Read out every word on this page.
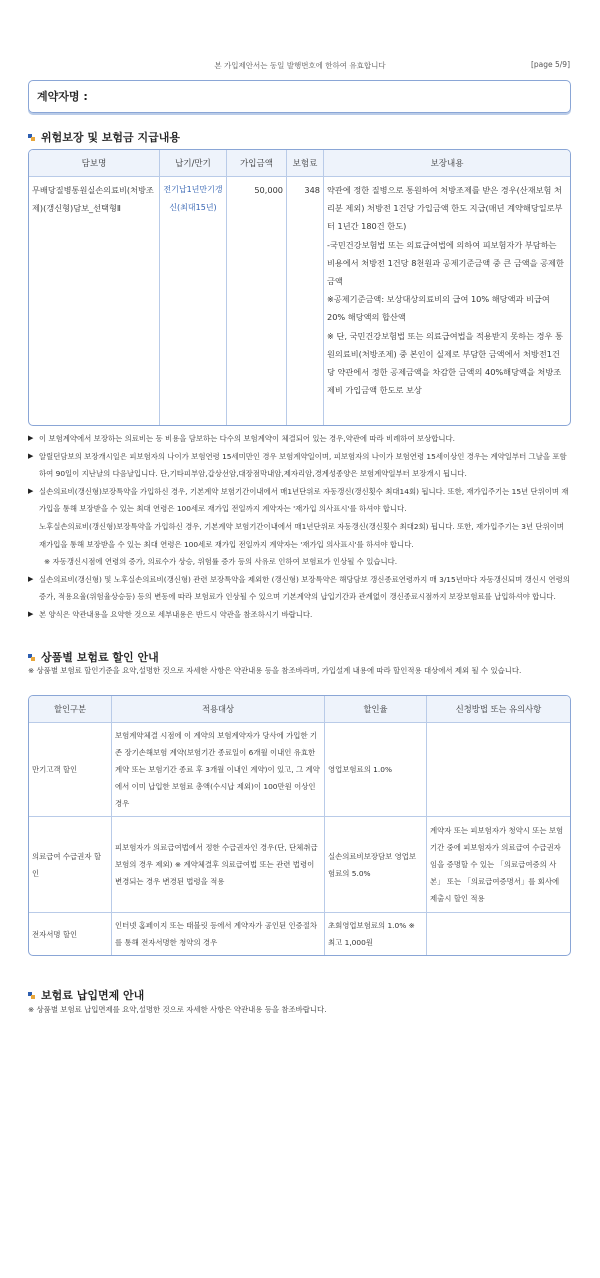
본 가입제안서는 동일 발행번호에 한하여 유효합니다	[page 5/9]
계약자명 :
위험보장 및 보험금 지급내용
담보명	납기/만기	가입금액	보험료	보장내용
무배당질병통원실손의료비(처방조제)(갱신형)담보_선택형Ⅱ	전기납1년만기갱신(최대15년)	50,000	348	약관에 정한 질병으로 통원하여 처방조제를 받은 경우(산재보험 처리분 제외) 처방전 1건당 가입금액 한도 지급(매년 계약해당일로부터 1년간 180건 한도)
-국민건강보험법 또는 의료급여법에 의하여 피보험자가 부담하는 비용에서 처방전 1건당 8천원과 공제기준금액 중 큰 금액을 공제한 금액
※공제기준금액: 보상대상의료비의 급여 10% 해당액과 비급여 20% 해당액의 합산액
※ 단, 국민건강보험법 또는 의료급여법을 적용받지 못하는 경우 통원의료비(처방조제) 중 본인이 실제로 부담한 금액에서 처방전1건당 약관에서 정한 공제금액을 차감한 금액의 40%해당액을 처방조제비 가입금액 한도로 보상
▶ 이 보험계약에서 보장하는 의료비는 동 비용을 담보하는 다수의 보험계약이 체결되어 있는 경우,약관에 따라 비례하여 보상합니다.
▶ 알릴던담보의 보장개시일은 피보험자의 나이가 보험연령 15세미만인 경우 보험계약일이며, 피보험자의 나이가 보험연령 15세이상인 경우는 계약일부터 그날을 포함하여 90일이 지난날의 다음날입니다. 단,기타피부암,갑상선암,대장점막내암,제자리암,경계성종양은 보험계약일부터 보장개시 됩니다.
▶ 실손의료비(갱신형)보장특약을 가입하신 경우, 기본계약 보험기간이내에서 매1년단위로 자동갱신(갱신횟수 최대14회) 됩니다. 또한, 재가입주기는 15년 단위이며 재가입을 통해 보장받을 수 있는 최대 연령은 100세로 재가입 전일까지 계약자는 '재가입 의사표시'를 하셔야 합니다.
노후실손의료비(갱신형)보장특약을 가입하신 경우, 기본계약 보험기간이내에서 매1년단위로 자동갱신(갱신횟수 최대2회) 됩니다. 또한, 재가입주기는 3년 단위이며 재가입을 통해 보장받을 수 있는 최대 연령은 100세로 재가입 전일까지 계약자는 '재가입 의사표시'를 하셔야 합니다.
※ 자동갱신시점에 연령의 증가, 의료수가 상승, 위험률 증가 등의 사유로 인하여 보험료가 인상될 수 있습니다.
▶ 실손의료비(갱신형) 및 노후실손의료비(갱신형) 관련 보장특약을 제외한 (갱신형) 보장특약은 해당담보 갱신종료연령까지 매 3/15년마다 자동갱신되며 갱신시 연령의 증가, 적용요율(위험율상승등) 등의 변동에 따라 보험료가 인상될 수 있으며 기본계약의 납입기간과 관계없이 갱신종료시점까지 보장보험료를 납입하셔야 합니다.
▶ 본 양식은 약관내용을 요약한 것으로 세부내용은 반드시 약관을 참조하시기 바랍니다.
상품별 보험료 할인 안내
※ 상품별 보험료 할인기준을 요약,설명한 것으로 자세한 사항은 약관내용 등을 참조바라며, 가입설계 내용에 따라 할인적용 대상에서 제외 될 수 있습니다.
할인구분	적용대상	할인율	신청방법 또는 유의사항
만기고객 할인	보험계약체결 시점에 이 계약의 보험계약자가 당사에 가입한 기존 장기손해보험 계약(보험기간 종료일이 6개월 이내인 유효한 계약 또는 보험기간 종료 후 3개월 이내인 계약)이 있고, 그 계약에서 이미 납입한 보험료 총액(수시납 제외)이 100만원 이상인 경우	영업보험료의 1.0%	
의료급여 수급권자 할인	피보험자가 의료급여법에서 정한 수급권자인 경우(단, 단체취급보험의 경우 제외) ※ 계약체결후 의료급여법 또는 관련 법령이 변경되는 경우 변경된 법령을 적용	실손의료비보장담보 영업보험료의 5.0%	계약자 또는 피보험자가 청약시 또는 보험기간 중에 피보험자가 의료급여 수급권자 임을 증명할 수 있는 「의료급여증의 사본」 또는 「의료급여증명서」를 회사에 제출시 할인 적용
전자서명 할인	인터넷 홈페이지 또는 태블릿 등에서 계약자가 공인된 인증절차를 통해 전자서명한 청약의 경우	초회영업보험료의 1.0% ※ 최고 1,000원	
보험료 납입면제 안내
※ 상품별 보험료 납입면제를 요약,설명한 것으로 자세한 사항은 약관내용 등을 참조바랍니다.
